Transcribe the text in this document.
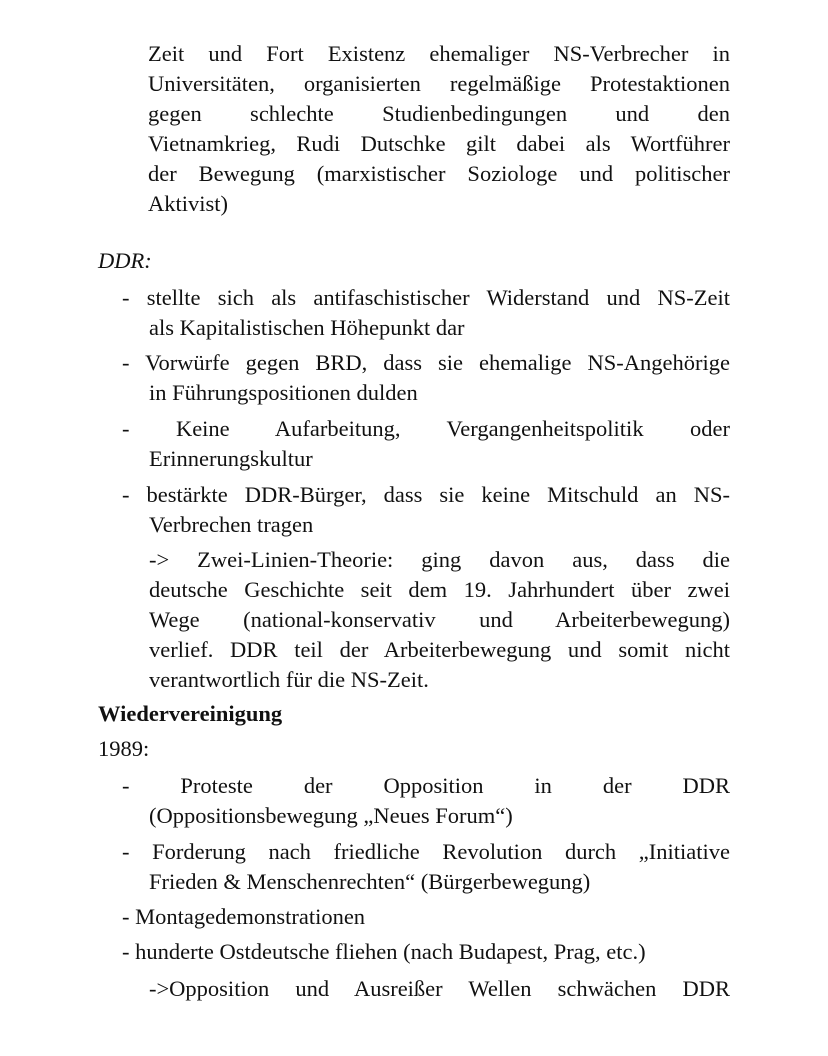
Zeit und Fort Existenz ehemaliger NS-Verbrecher in
Universitäten, organisierten regelmäßige Protestaktionen
gegen schlechte Studienbedingungen und den
Vietnamkrieg, Rudi Dutschke gilt dabei als Wortführer
der Bewegung (marxistischer Soziologe und politischer
Aktivist)
DDR:
- stellte sich als antifaschistischer Widerstand und NS-Zeit
als Kapitalistischen Höhepunkt dar
- Vorwürfe gegen BRD, dass sie ehemalige NS-Angehörige
in Führungspositionen dulden
- Keine Aufarbeitung, Vergangenheitspolitik oder
Erinnerungskultur
- bestärkte DDR-Bürger, dass sie keine Mitschuld an NS-
Verbrechen tragen
-> Zwei-Linien-Theorie: ging davon aus, dass die
deutsche Geschichte seit dem 19. Jahrhundert über zwei
Wege (national-konservativ und Arbeiterbewegung)
verlief. DDR teil der Arbeiterbewegung und somit nicht
verantwortlich für die NS-Zeit.
Wiedervereinigung
1989:
- Proteste der Opposition in der DDR
(Oppositionsbewegung „Neues Forum“)
- Forderung nach friedliche Revolution durch „Initiative
Frieden & Menschenrechten“ (Bürgerbewegung)
- Montagedemonstrationen
- hunderte Ostdeutsche fliehen (nach Budapest, Prag, etc.)
->Opposition und Ausreißer Wellen schwächen DDR
